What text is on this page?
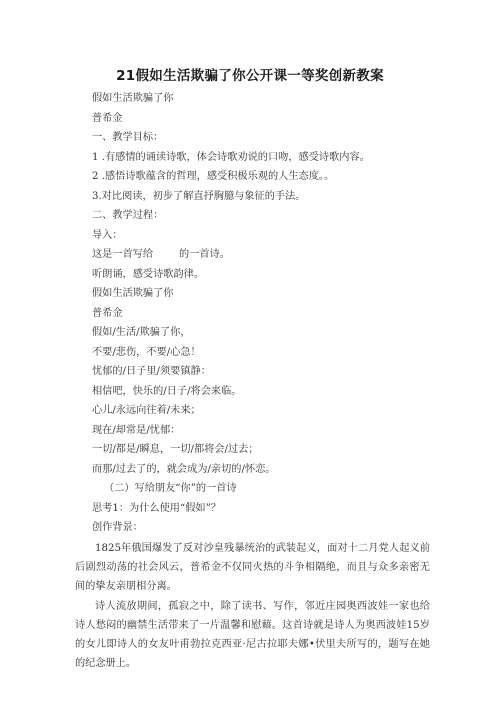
21假如生活欺骗了你公开课一等奖创新教案
假如生活欺骗了你
普希金
一、教学目标：
1 .有感情的诵读诗歌，体会诗歌劝说的口吻，感受诗歌内容。
2 .感悟诗歌蕴含的哲理，感受积极乐观的人生态度。。
3.对比阅读，初步了解直抒胸臆与象征的手法。
二、教学过程：
导入：
这是一首写给        的一首诗。
听朗诵，感受诗歌韵律。
假如生活欺骗了你
普希金
假如/生活/欺骗了你，
不要/悲伤，不要/心急！
忧郁的/日子里/须要镇静：
相信吧，快乐的/日子/将会来临。
心儿/永远向往着/未来；
现在/却常是/忧郁：
一切/都是/瞬息，一切/都将会/过去；
而那/过去了的，就会成为/亲切的/怀恋。
（二）写给朋友“你”的一首诗
思考1：为什么使用“假如”？
创作背景：
1825年俄国爆发了反对沙皇残暴统治的武装起义，面对十二月党人起义前后剧烈动荡的社会风云，普希金不仅同火热的斗争相隔绝，而且与众多亲密无间的挚友亲朋相分离。
诗人流放期间，孤寂之中，除了读书、写作，邻近庄园奥西波娃一家也给诗人愁闷的幽禁生活带来了一片温馨和慰藉。这首诗就是诗人为奥西波娃15岁的女儿即诗人的女友叶甫勃拉克西亚·尼古拉耶夫娜•伏里夫所写的，题写在她的纪念册上。
